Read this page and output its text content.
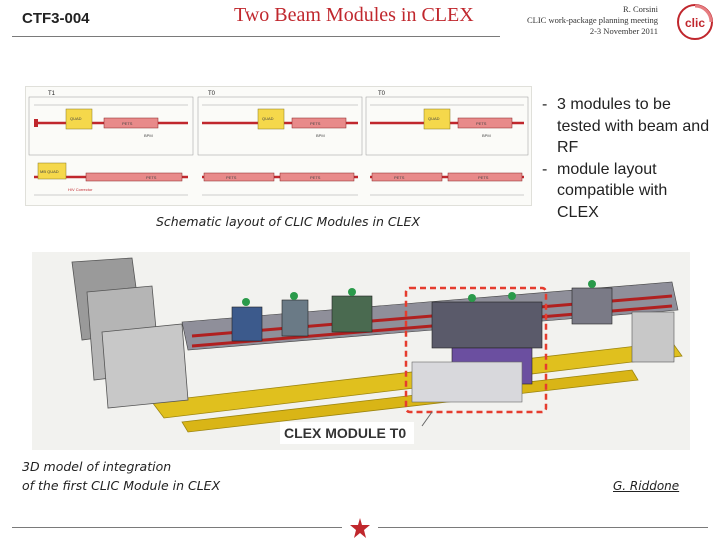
CTF3-004	Two Beam Modules in CLEX	R. Corsini
CLIC work-package planning meeting
2-3 November 2011
clic
T1
QUAD
PETS
BPM
MB QUAD
PETS
H/V Corrector
T0
QUAD
PETS
BPM
PETS	PETS
T0
QUAD
PETS
BPM
PETS	PETS
Schematic layout of CLIC Modules in CLEX
- 3 modules to be tested with beam and RF
- module layout compatible with CLEX
CLEX MODULE T0
3D model of integration
of the first CLIC Module in CLEX	G. Riddone
